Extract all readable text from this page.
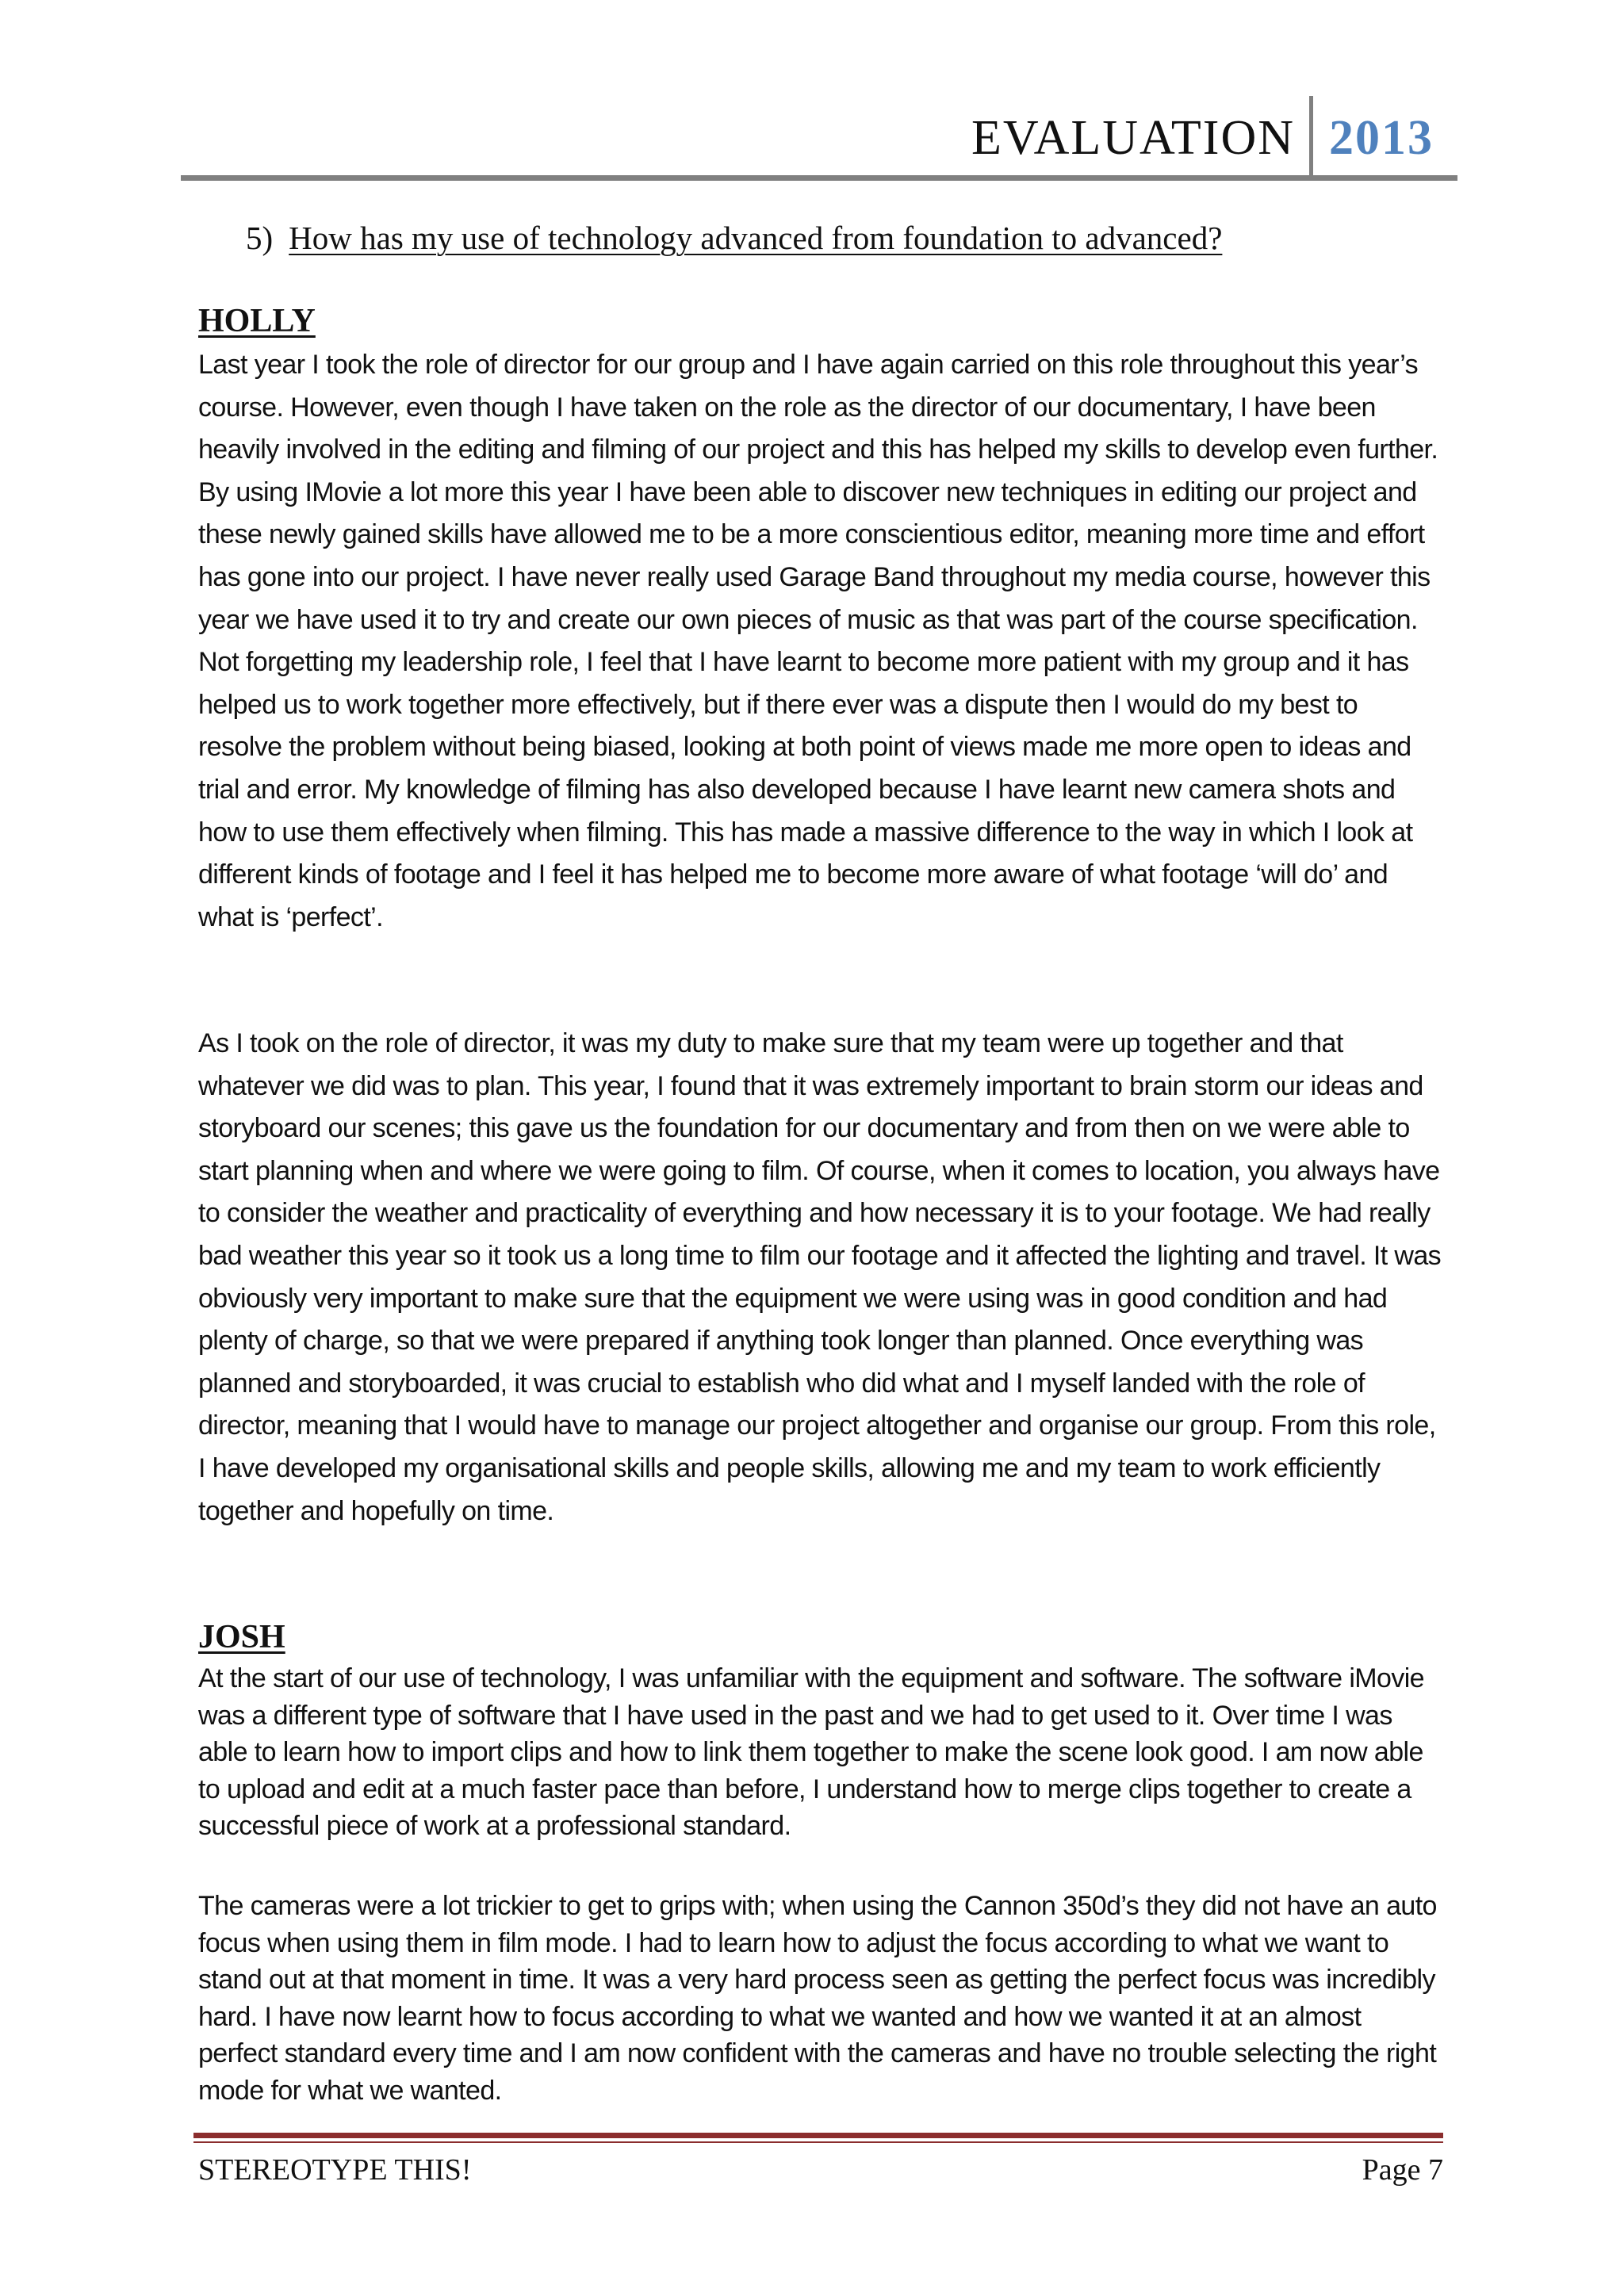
EVALUATION 2013
5) How has my use of technology advanced from foundation to advanced?
HOLLY

Last year I took the role of director for our group and I have again carried on this role throughout this year’s course. However, even though I have taken on the role as the director of our documentary, I have been heavily involved in the editing and filming of our project and this has helped my skills to develop even further. By using IMovie a lot more this year I have been able to discover new techniques in editing our project and these newly gained skills have allowed me to be a more conscientious editor, meaning more time and effort has gone into our project. I have never really used Garage Band throughout my media course, however this year we have used it to try and create our own pieces of music as that was part of the course specification. Not forgetting my leadership role, I feel that I have learnt to become more patient with my group and it has helped us to work together more effectively, but if there ever was a dispute then I would do my best to resolve the problem without being biased, looking at both point of views made me more open to ideas and trial and error. My knowledge of filming has also developed because I have learnt new camera shots and how to use them effectively when filming. This has made a massive difference to the way in which I look at different kinds of footage and I feel it has helped me to become more aware of what footage ‘will do’ and what is ‘perfect’.

As I took on the role of director, it was my duty to make sure that my team were up together and that whatever we did was to plan. This year, I found that it was extremely important to brain storm our ideas and storyboard our scenes; this gave us the foundation for our documentary and from then on we were able to start planning when and where we were going to film. Of course, when it comes to location, you always have to consider the weather and practicality of everything and how necessary it is to your footage. We had really bad weather this year so it took us a long time to film our footage and it affected the lighting and travel. It was obviously very important to make sure that the equipment we were using was in good condition and had plenty of charge, so that we were prepared if anything took longer than planned. Once everything was planned and storyboarded, it was crucial to establish who did what and I myself landed with the role of director, meaning that I would have to manage our project altogether and organise our group. From this role, I have developed my organisational skills and people skills, allowing me and my team to work efficiently together and hopefully on time.

JOSH

At the start of our use of technology, I was unfamiliar with the equipment and software. The software iMovie was a different type of software that I have used in the past and we had to get used to it. Over time I was able to learn how to import clips and how to link them together to make the scene look good. I am now able to upload and edit at a much faster pace than before, I understand how to merge clips together to create a successful piece of work at a professional standard.

The cameras were a lot trickier to get to grips with; when using the Cannon 350d’s they did not have an auto focus when using them in film mode. I had to learn how to adjust the focus according to what we want to stand out at that moment in time. It was a very hard process seen as getting the perfect focus was incredibly hard. I have now learnt how to focus according to what we wanted and how we wanted it at an almost perfect standard every time and I am now confident with the cameras and have no trouble selecting the right mode for what we wanted.

STEREOTYPE THIS!	Page 7
